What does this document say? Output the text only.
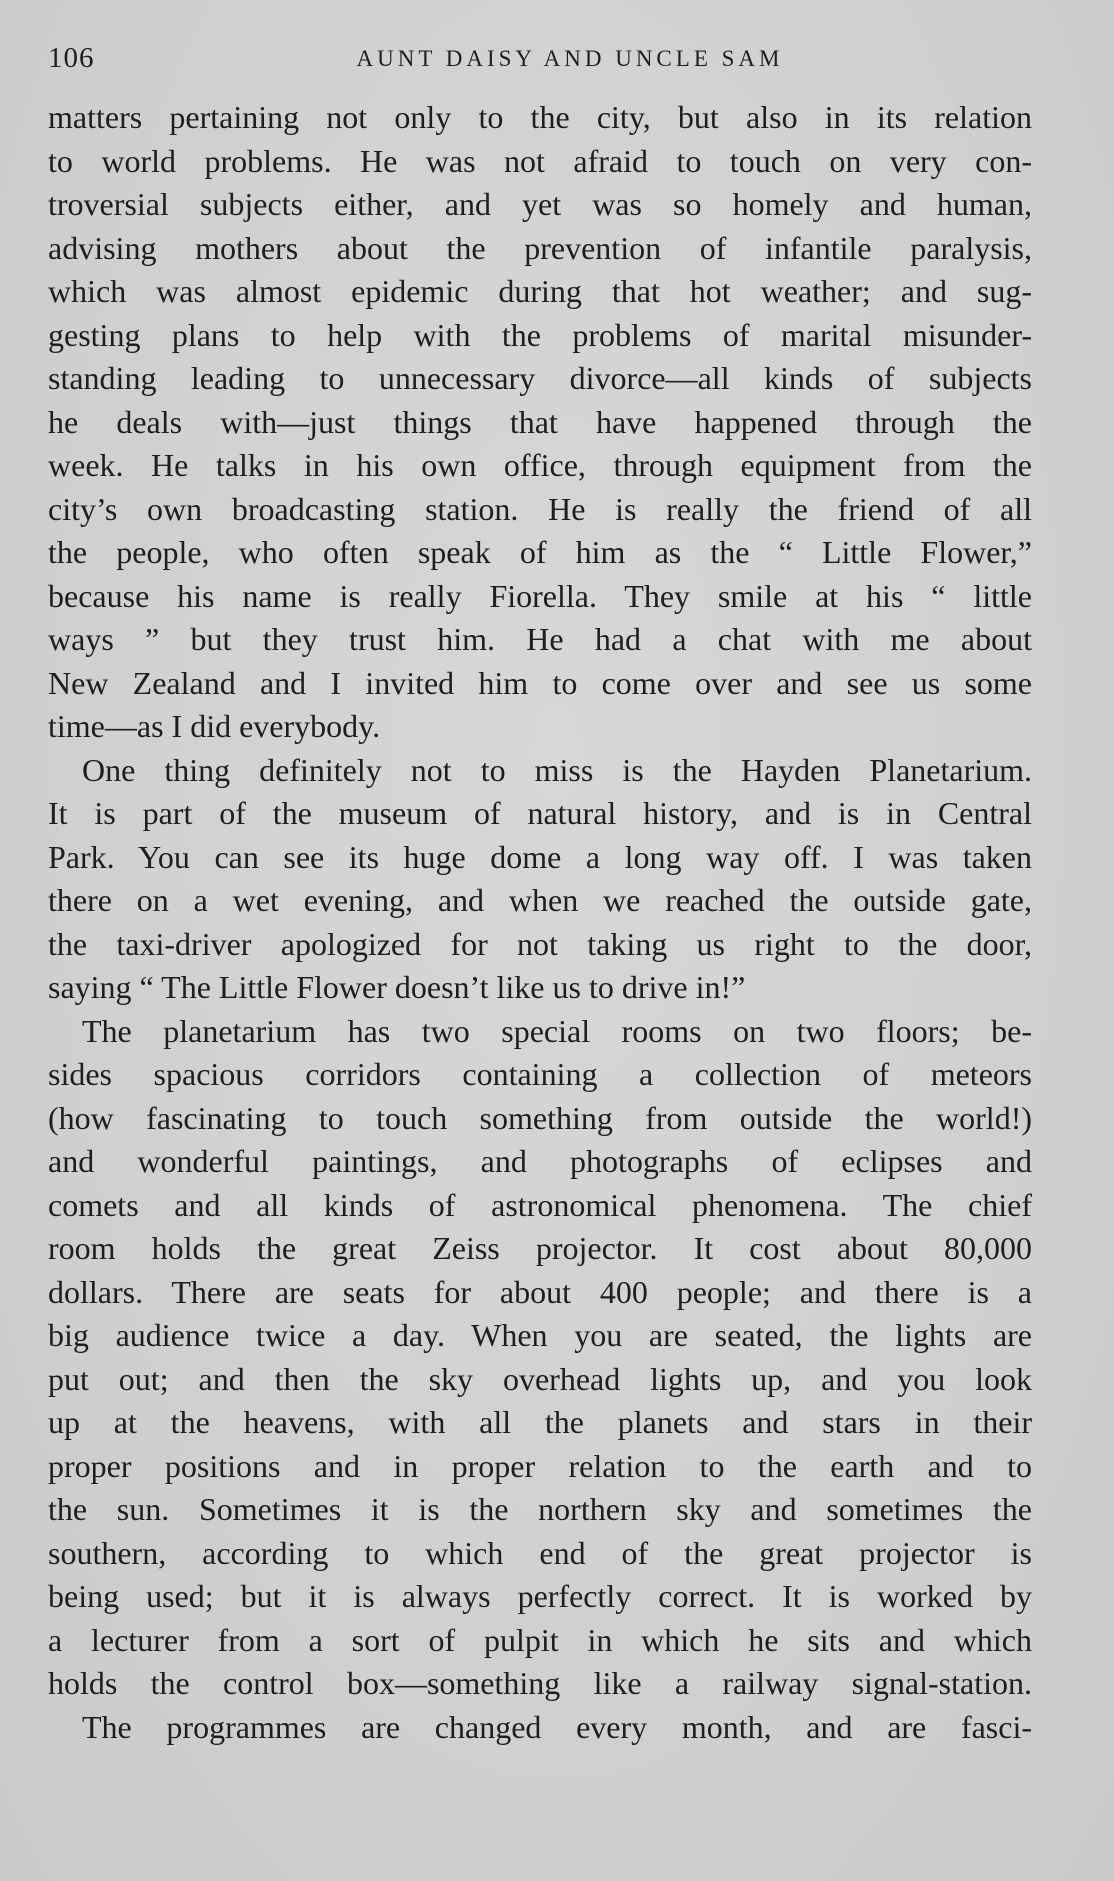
106	AUNT DAISY AND UNCLE SAM
matters pertaining not only to the city, but also in its relation
to world problems. He was not afraid to touch on very con-
troversial subjects either, and yet was so homely and human,
advising mothers about the prevention of infantile paralysis,
which was almost epidemic during that hot weather; and sug-
gesting plans to help with the problems of marital misunder-
standing leading to unnecessary divorce—all kinds of subjects
he deals with—just things that have happened through the
week. He talks in his own office, through equipment from the
city’s own broadcasting station. He is really the friend of all
the people, who often speak of him as the “ Little Flower,”
because his name is really Fiorella. They smile at his “ little
ways ” but they trust him. He had a chat with me about
New Zealand and I invited him to come over and see us some
time—as I did everybody.
One thing definitely not to miss is the Hayden Planetarium.
It is part of the museum of natural history, and is in Central
Park. You can see its huge dome a long way off. I was taken
there on a wet evening, and when we reached the outside gate,
the taxi-driver apologized for not taking us right to the door,
saying “ The Little Flower doesn’t like us to drive in!”
The planetarium has two special rooms on two floors; be-
sides spacious corridors containing a collection of meteors
(how fascinating to touch something from outside the world!)
and wonderful paintings, and photographs of eclipses and
comets and all kinds of astronomical phenomena. The chief
room holds the great Zeiss projector. It cost about 80,000
dollars. There are seats for about 400 people; and there is a
big audience twice a day. When you are seated, the lights are
put out; and then the sky overhead lights up, and you look
up at the heavens, with all the planets and stars in their
proper positions and in proper relation to the earth and to
the sun. Sometimes it is the northern sky and sometimes the
southern, according to which end of the great projector is
being used; but it is always perfectly correct. It is worked by
a lecturer from a sort of pulpit in which he sits and which
holds the control box—something like a railway signal-station.
The programmes are changed every month, and are fasci-
